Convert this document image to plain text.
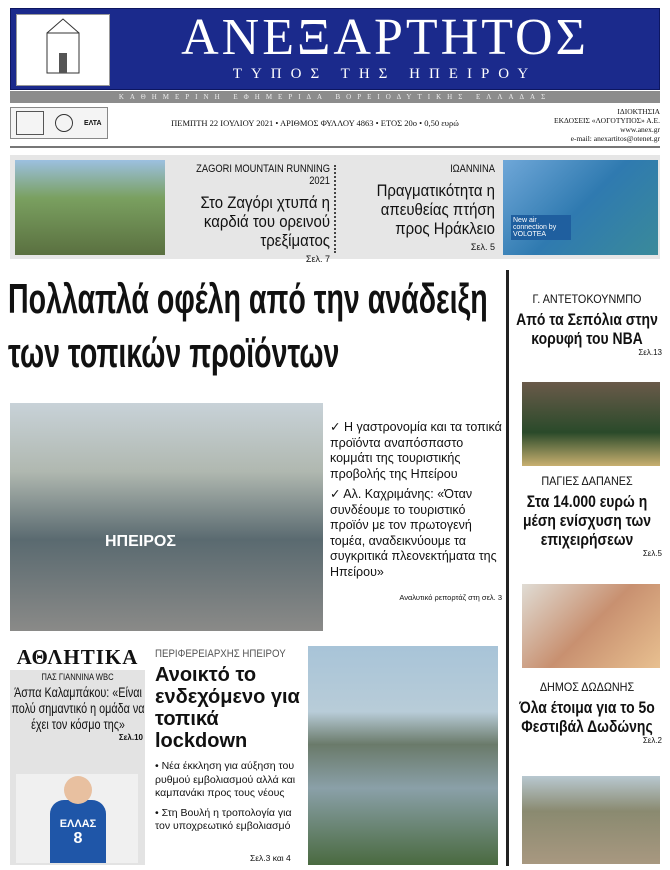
ΑΝΕΞΑΡΤΗΤΟΣ
ΤΥΠΟΣ ΤΗΣ ΗΠΕΙΡΟΥ
ΚΑΘΗΜΕΡΙΝΗ ΕΦΗΜΕΡΙΔΑ ΒΟΡΕΙΟΔΥΤΙΚΗΣ ΕΛΛΑΔΑΣ
ΕΛΤΑ	ΠΕΜΠΤΗ 22 ΙΟΥΛΙΟΥ 2021 • ΑΡΙΘΜΟΣ ΦΥΛΛΟΥ 4863 • ΕΤΟΣ 20ο • 0,50 ευρώ
ΙΔΙΟΚΤΗΣΙΑ
ΕΚΔΟΣΕΙΣ «ΛΟΓΟΤΥΠΟΣ» Α.Ε.
www.anex.gr
e-mail: anexartitos@otenet.gr
ZAGORI MOUNTAIN RUNNING 2021
Στο Ζαγόρι χτυπά η καρδιά του ορεινού τρεξίματος
Σελ. 7
ΙΩΑΝΝΙΝΑ
Πραγματικότητα η απευθείας πτήση προς Ηράκλειο
Σελ. 5
New air connection by VOLOTEA
Πολλαπλά οφέλη από την ανάδειξη των τοπικών προϊόντων
ΗΠΕΙΡΟΣ

✓ Η γαστρονομία και τα τοπικά προϊόντα αναπόσπαστο κομμάτι της τουριστικής προβολής της Ηπείρου

✓ Αλ. Καχριμάνης: «Όταν συνδέουμε το τουριστικό προϊόν με τον πρωτογενή τομέα, αναδεικνύουμε τα συγκριτικά πλεονεκτήματα της Ηπείρου»

Αναλυτικό ρεπορτάζ στη σελ. 3
Γ. ΑΝΤΕΤΟΚΟΥΝΜΠΟ
Από τα Σεπόλια στην κορυφή του NBA
Σελ.13
ΠΑΓΙΕΣ ΔΑΠΑΝΕΣ
Στα 14.000 ευρώ η μέση ενίσχυση των επιχειρήσεων
Σελ.5
ΔΗΜΟΣ ΔΩΔΩΝΗΣ
Όλα έτοιμα για το 5ο Φεστιβάλ Δωδώνης
Σελ.2
ΑΘΛΗΤΙΚΑ
ΠΑΣ ΓΙΑΝΝΙΝΑ WBC
Άσπα Καλαμπάκου: «Είναι πολύ σημαντικό η ομάδα να έχει τον κόσμο της»
Σελ.10
ΕΛΛΑΣ
8
ΠΕΡΙΦΕΡΕΙΑΡΧΗΣ ΗΠΕΙΡΟΥ
Ανοικτό το ενδεχόμενο για τοπικά lockdown

• Νέα έκκληση για αύξηση του ρυθμού εμβολιασμού αλλά και καμπανάκι προς τους νέους

• Στη Βουλή η τροπολογία για τον υποχρεωτικό εμβολιασμό

Σελ.3 και 4
